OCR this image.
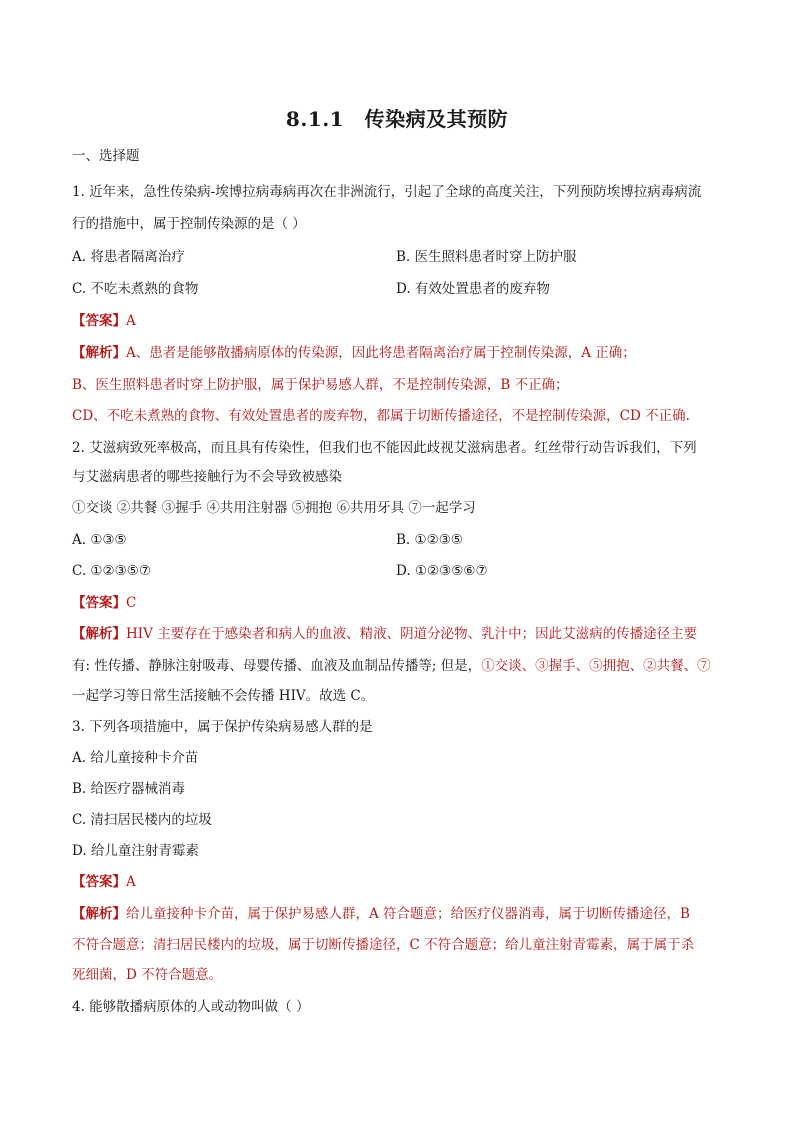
8.1.1　传染病及其预防
一、选择题
1. 近年来，急性传染病-埃博拉病毒病再次在非洲流行，引起了全球的高度关注，下列预防埃博拉病毒病流
行的措施中，属于控制传染源的是（ ）
A. 将患者隔离治疗	B. 医生照料患者时穿上防护服
C. 不吃未煮熟的食物	D. 有效处置患者的废弃物
【答案】A
【解析】A、患者是能够散播病原体的传染源，因此将患者隔离治疗属于控制传染源，A 正确；
B、医生照料患者时穿上防护服，属于保护易感人群，不是控制传染源，B 不正确；
CD、不吃未煮熟的食物、有效处置患者的废弃物，都属于切断传播途径，不是控制传染源，CD 不正确.
2. 艾滋病致死率极高，而且具有传染性，但我们也不能因此歧视艾滋病患者。红丝带行动告诉我们，下列
与艾滋病患者的哪些接触行为不会导致被感染
①交谈 ②共餐 ③握手 ④共用注射器 ⑤拥抱 ⑥共用牙具 ⑦一起学习
A. ①③⑤	B. ①②③⑤
C. ①②③⑤⑦	D. ①②③⑤⑥⑦
【答案】C
【解析】HIV 主要存在于感染者和病人的血液、精液、阴道分泌物、乳汁中；因此艾滋病的传播途径主要
有: 性传播、静脉注射吸毒、母婴传播、血液及血制品传播等; 但是，①交谈、③握手、⑤拥抱、②共餐、⑦
一起学习等日常生活接触不会传播 HIV。故选 C。
3. 下列各项措施中，属于保护传染病易感人群的是
A. 给儿童接种卡介苗
B. 给医疗器械消毒
C. 清扫居民楼内的垃圾
D. 给儿童注射青霉素
【答案】A
【解析】给儿童接种卡介苗，属于保护易感人群，A 符合题意；给医疗仪器消毒，属于切断传播途径，B
不符合题意；清扫居民楼内的垃圾，属于切断传播途径，C 不符合题意；给儿童注射青霉素，属于属于杀
死细菌，D 不符合题意。
4. 能够散播病原体的人或动物叫做（ ）
